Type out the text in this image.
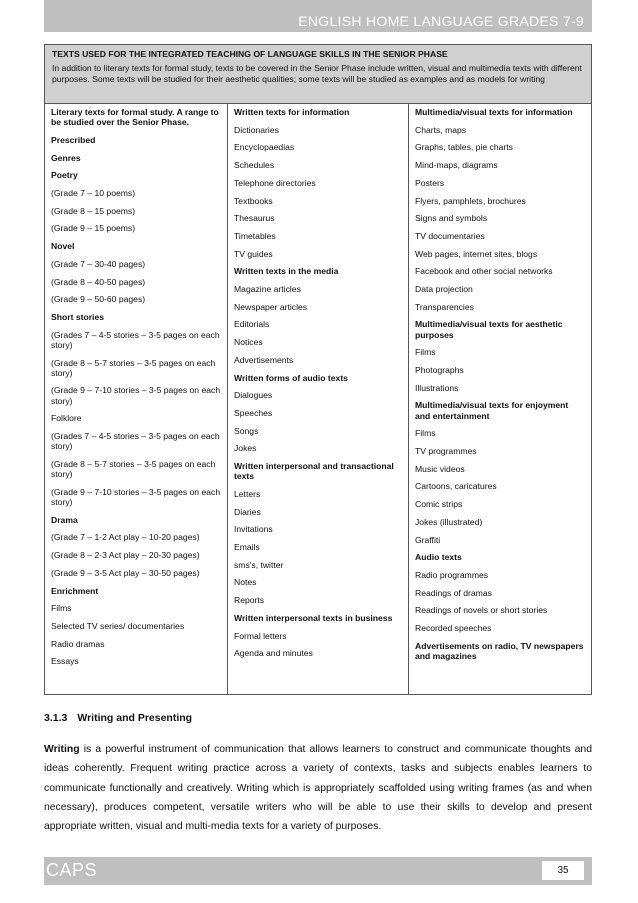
ENGLISH HOME LANGUAGE GRADES 7-9
TEXTS USED FOR THE INTEGRATED TEACHING OF LANGUAGE SKILLS IN THE SENIOR PHASE
In addition to literary texts for formal study, texts to be covered in the Senior Phase include written, visual and multimedia texts with different purposes. Some texts will be studied for their aesthetic qualities; some texts will be studied as examples and as models for writing
Literary texts for formal study. A range to be studied over the Senior Phase.
Prescribed
Genres
Poetry
(Grade 7 – 10 poems)
(Grade 8 – 15 poems)
(Grade 9 – 15 poems)
Novel
(Grade 7 – 30-40 pages)
(Grade 8 – 40-50 pages)
(Grade 9 – 50-60 pages)
Short stories
(Grades 7 – 4-5 stories – 3-5 pages on each story)
(Grade 8 – 5-7 stories – 3-5 pages on each story)
(Grade 9 – 7-10 stories – 3-5 pages on each story)
Folklore
(Grades 7 – 4-5 stories – 3-5 pages on each story)
(Grade 8 – 5-7 stories – 3-5 pages on each story)
(Grade 9 – 7-10 stories – 3-5 pages on each story)
Drama
(Grade 7 – 1-2 Act play – 10-20 pages)
(Grade 8 – 2-3 Act play – 20-30 pages)
(Grade 9 – 3-5 Act play – 30-50 pages)
Enrichment
Films
Selected TV series/ documentaries
Radio dramas
Essays
Written texts for information
Dictionaries
Encyclopaedias
Schedules
Telephone directories
Textbooks
Thesaurus
Timetables
TV guides
Written texts in the media
Magazine articles
Newspaper articles
Editorials
Notices
Advertisements
Written forms of audio texts
Dialogues
Speeches
Songs
Jokes
Written interpersonal and transactional texts
Letters
Diaries
Invitations
Emails
sms's, twitter
Notes
Reports
Written interpersonal texts in business
Formal letters
Agenda and minutes
Multimedia/visual texts for information
Charts, maps
Graphs, tables, pie charts
Mind-maps, diagrams
Posters
Flyers, pamphlets, brochures
Signs and symbols
TV documentaries
Web pages, internet sites, blogs
Facebook and other social networks
Data projection
Transparencies
Multimedia/visual texts for aesthetic purposes
Films
Photographs
Illustrations
Multimedia/visual texts for enjoyment and entertainment
Films
TV programmes
Music videos
Cartoons, caricatures
Comic strips
Jokes (illustrated)
Graffiti
Audio texts
Radio programmes
Readings of dramas
Readings of novels or short stories
Recorded speeches
Advertisements on radio, TV newspapers and magazines
3.1.3 Writing and Presenting
Writing is a powerful instrument of communication that allows learners to construct and communicate thoughts and ideas coherently. Frequent writing practice across a variety of contexts, tasks and subjects enables learners to communicate functionally and creatively. Writing which is appropriately scaffolded using writing frames (as and when necessary), produces competent, versatile writers who will be able to use their skills to develop and present appropriate written, visual and multi-media texts for a variety of purposes.
CAPS	35
